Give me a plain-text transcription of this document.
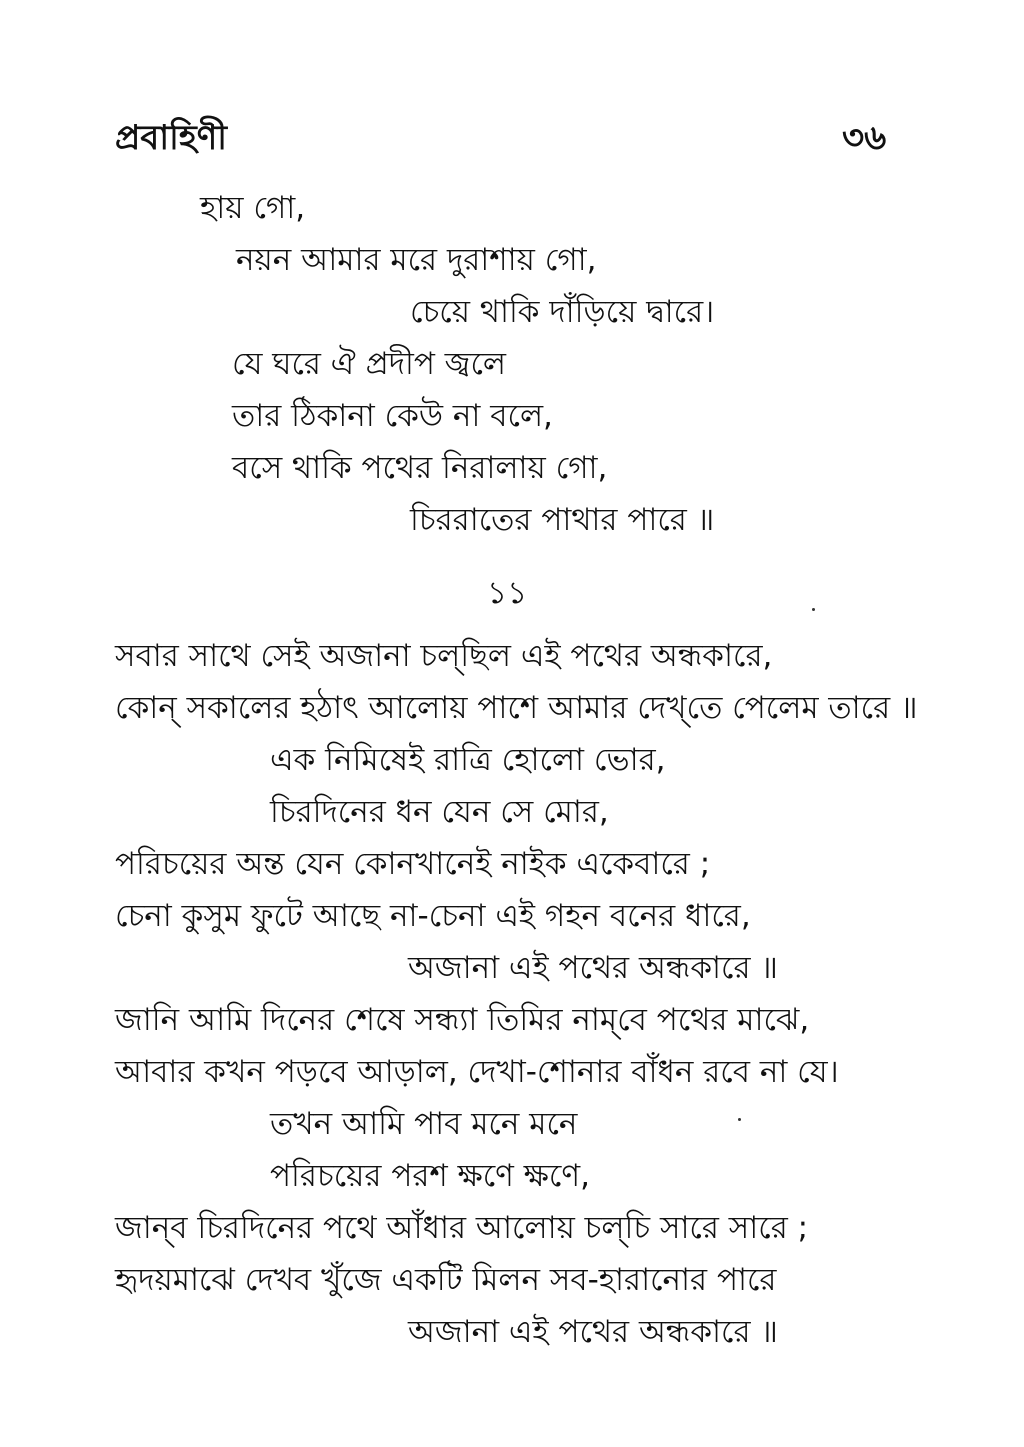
প্রবাহিণী	৩৬
হায় গো,
নয়ন আমার মরে দুরাশায় গো,
চেয়ে থাকি দাঁড়িয়ে দ্বারে।
যে ঘরে ঐ প্রদীপ জ্বলে
তার ঠিকানা কেউ না বলে,
বসে থাকি পথের নিরালায় গো,
চিররাতের পাথার পারে ॥
১১
সবার সাথে সেই অজানা চল্‌ছিল এই পথের অন্ধকারে,
কোন্‌ সকালের হঠাৎ আলোয় পাশে আমার দেখ্‌তে পেলেম তারে ॥
এক নিমিষেই রাত্রি হোলো ভোর,
চিরদিনের ধন যেন সে মোর,
পরিচয়ের অন্ত যেন কোনখানেই নাইক একেবারে ;
চেনা কুসুম ফুটে আছে না-চেনা এই গহন বনের ধারে,
অজানা এই পথের অন্ধকারে ॥
জানি আমি দিনের শেষে সন্ধ্যা তিমির নাম্‌বে পথের মাঝে,
আবার কখন পড়বে আড়াল, দেখা-শোনার বাঁধন রবে না যে।
তখন আমি পাব মনে মনে
পরিচয়ের পরশ ক্ষণে ক্ষণে,
জান্‌ব চিরদিনের পথে আঁধার আলোয় চল্‌চি সারে সারে ;
হৃদয়মাঝে দেখব খুঁজে একটি মিলন সব-হারানোর পারে
অজানা এই পথের অন্ধকারে ॥
